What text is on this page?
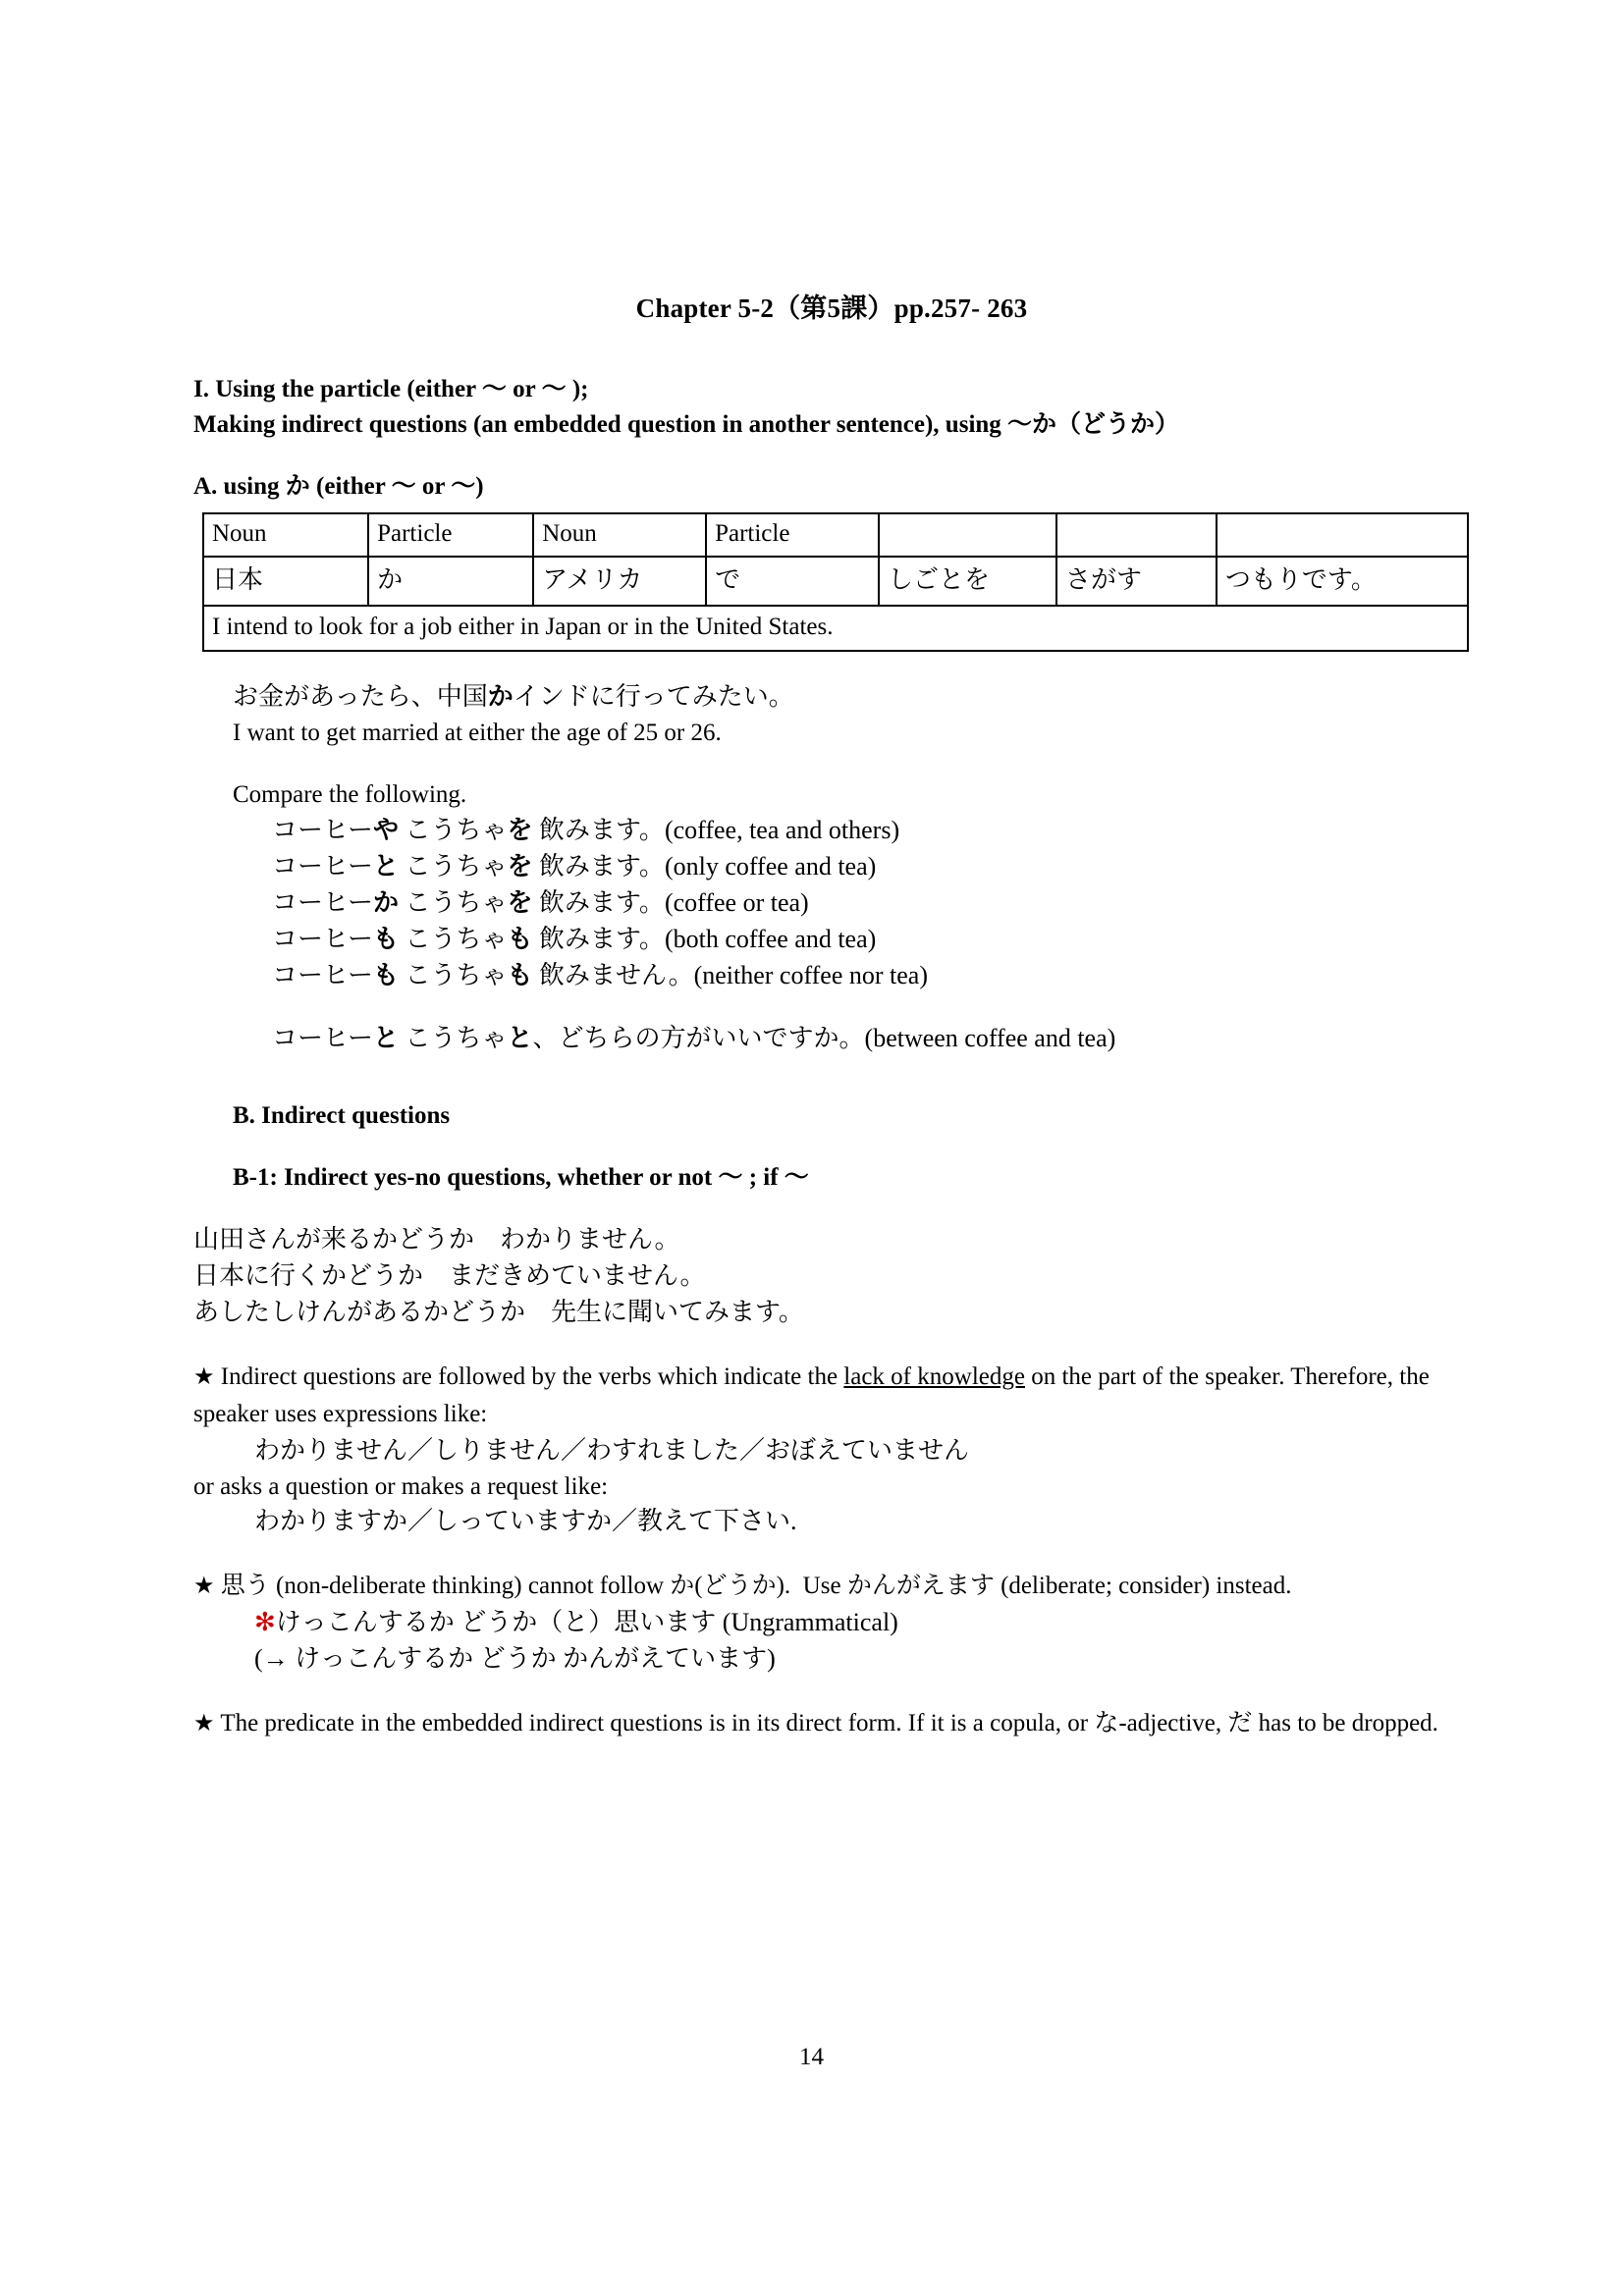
Chapter 5-2（第5課）pp.257- 263
I. Using the particle (either ～ or ～ );
Making indirect questions (an embedded question in another sentence), using ～か（どうか）
A. using か (either ～ or ～)
Noun	Particle	Noun	Particle			
日本	か	アメリカ	で	しごとを	さがす	つもりです。
I intend to look for a job either in Japan or in the United States.						
お金があったら、中国かインドに行ってみたい。
I want to get married at either the age of 25 or 26.
Compare the following.
コーヒーや こうちゃを 飲みます。(coffee, tea and others)
コーヒーと こうちゃを 飲みます。(only coffee and tea)
コーヒーか こうちゃを 飲みます。(coffee or tea)
コーヒーも こうちゃも 飲みます。(both coffee and tea)
コーヒーも こうちゃも 飲みません。(neither coffee nor tea)
コーヒーと こうちゃと、どちらの方がいいですか。(between coffee and tea)
B. Indirect questions
B-1: Indirect yes-no questions, whether or not ～ ; if ～
山田さんが来るかどうか　わかりません。
日本に行くかどうか　まだきめていません。
あしたしけんがあるかどうか　先生に聞いてみます。
★ Indirect questions are followed by the verbs which indicate the lack of knowledge on the part of the speaker. Therefore, the speaker uses expressions like:
わかりません／しりません／わすれました／おぼえていません
or asks a question or makes a request like:
わかりますか／しっていますか／教えて下さい.
★ 思う (non-deliberate thinking) cannot follow か(どうか).  Use かんがえます (deliberate; consider) instead.
✻けっこんするか どうか（と）思います (Ungrammatical)
(→ けっこんするか どうか かんがえています)
★ The predicate in the embedded indirect questions is in its direct form. If it is a copula, or な-adjective, だ has to be dropped.
14
